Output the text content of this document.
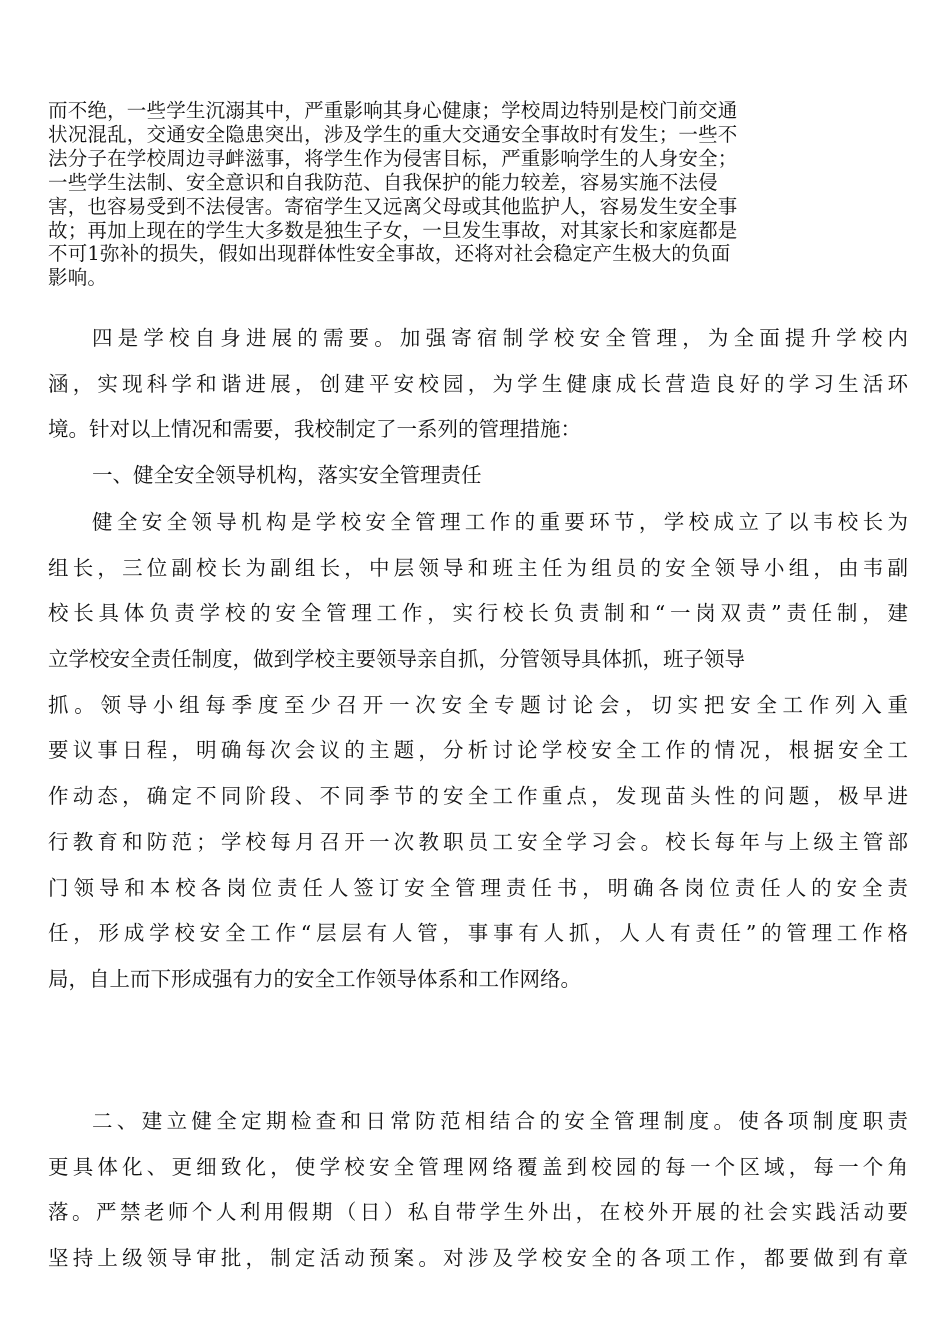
而不绝，一些学生沉溺其中，严重影响其身心健康；学校周边特别是校门前交通
状况混乱，交通安全隐患突出，涉及学生的重大交通安全事故时有发生；一些不
法分子在学校周边寻衅滋事，将学生作为侵害目标，严重影响学生的人身安全；
一些学生法制、安全意识和自我防范、自我保护的能力较差，容易实施不法侵
害，也容易受到不法侵害。寄宿学生又远离父母或其他监护人，容易发生安全事
故；再加上现在的学生大多数是独生子女，一旦发生事故，对其家长和家庭都是
不可1弥补的损失，假如出现群体性安全事故，还将对社会稳定产生极大的负面
影响。
四是学校自身进展的需要。加强寄宿制学校安全管理，为全面提升学校内
涵，实现科学和谐进展，创建平安校园，为学生健康成长营造良好的学习生活环
境。针对以上情况和需要，我校制定了一系列的管理措施：
一、健全安全领导机构，落实安全管理责任
健全安全领导机构是学校安全管理工作的重要环节，学校成立了以韦校长为
组长，三位副校长为副组长，中层领导和班主任为组员的安全领导小组，由韦副
校长具体负责学校的安全管理工作，实行校长负责制和“一岗双责”责任制，建
立学校安全责任制度，做到学校主要领导亲自抓，分管领导具体抓，班子领导
抓。领导小组每季度至少召开一次安全专题讨论会，切实把安全工作列入重
要议事日程，明确每次会议的主题，分析讨论学校安全工作的情况，根据安全工
作动态，确定不同阶段、不同季节的安全工作重点，发现苗头性的问题，极早进
行教育和防范；学校每月召开一次教职员工安全学习会。校长每年与上级主管部
门领导和本校各岗位责任人签订安全管理责任书，明确各岗位责任人的安全责
任，形成学校安全工作“层层有人管，事事有人抓，人人有责任”的管理工作格
局，自上而下形成强有力的安全工作领导体系和工作网络。
二、建立健全定期检查和日常防范相结合的安全管理制度。使各项制度职责
更具体化、更细致化，使学校安全管理网络覆盖到校园的每一个区域，每一个角
落。严禁老师个人利用假期（日）私自带学生外出，在校外开展的社会实践活动要
坚持上级领导审批，制定活动预案。对涉及学校安全的各项工作，都要做到有章
